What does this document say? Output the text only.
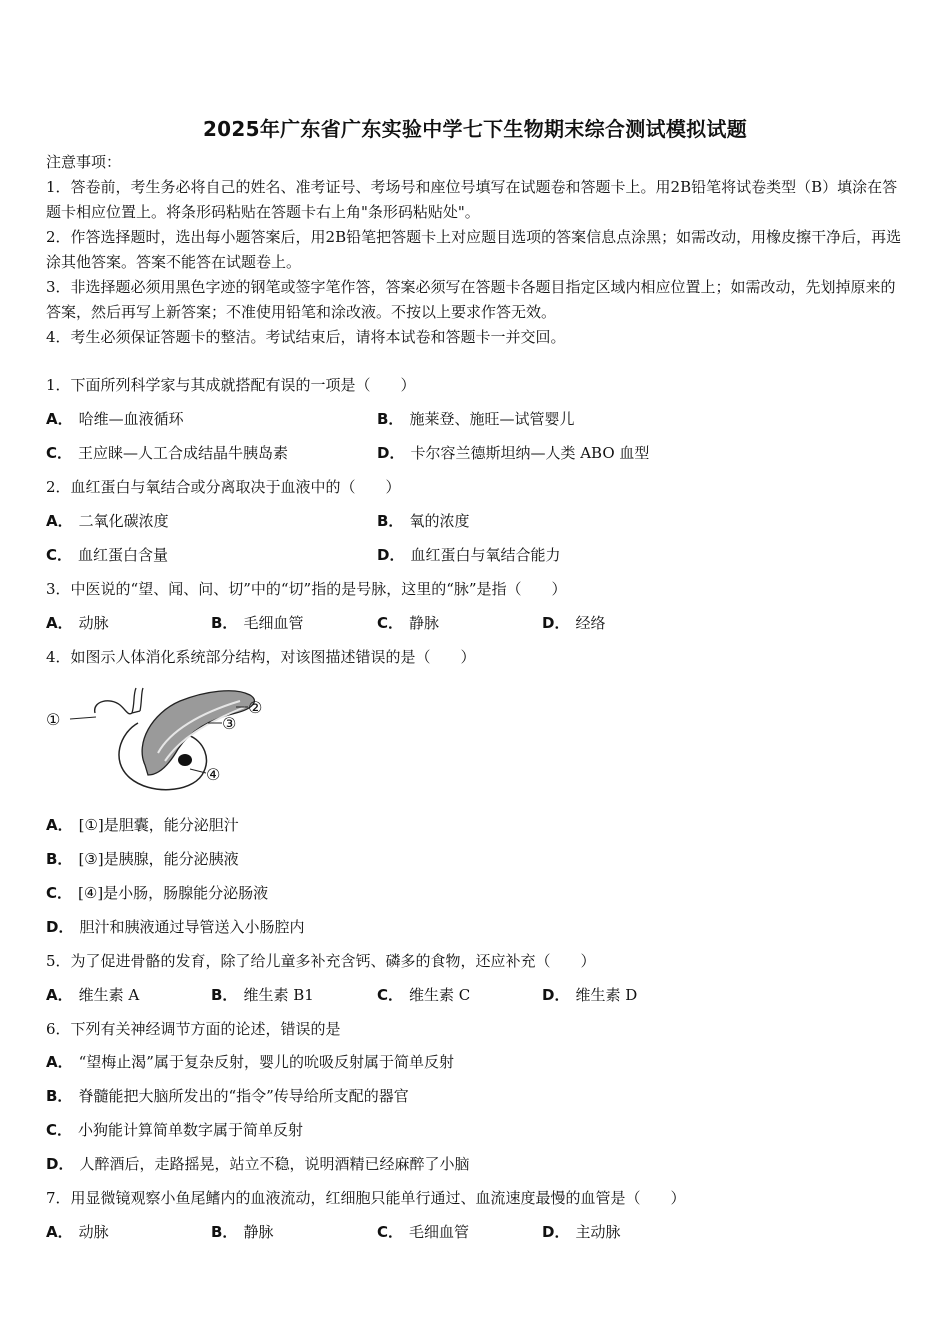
2025年广东省广东实验中学七下生物期末综合测试模拟试题
注意事项：
1．答卷前，考生务必将自己的姓名、准考证号、考场号和座位号填写在试题卷和答题卡上。用2B铅笔将试卷类型（B）填涂在答题卡相应位置上。将条形码粘贴在答题卡右上角"条形码粘贴处"。
2．作答选择题时，选出每小题答案后，用2B铅笔把答题卡上对应题目选项的答案信息点涂黑；如需改动，用橡皮擦干净后，再选涂其他答案。答案不能答在试题卷上。
3．非选择题必须用黑色字迹的钢笔或签字笔作答，答案必须写在答题卡各题目指定区域内相应位置上；如需改动，先划掉原来的答案，然后再写上新答案；不准使用铅笔和涂改液。不按以上要求作答无效。
4．考生必须保证答题卡的整洁。考试结束后，请将本试卷和答题卡一并交回。
1．下面所列科学家与其成就搭配有误的一项是（　　）
A． 哈维—血液循环	B． 施莱登、施旺—试管婴儿
C． 王应睐—人工合成结晶牛胰岛素	D． 卡尔容兰德斯坦纳—人类 ABO 血型
2．血红蛋白与氧结合或分离取决于血液中的（　　）
A． 二氧化碳浓度	B． 氧的浓度
C． 血红蛋白含量	D． 血红蛋白与氧结合能力
3．中医说的“望、闻、问、切”中的“切”指的是号脉，这里的“脉”是指（　　）
A． 动脉	B． 毛细血管	C． 静脉	D． 经络
4．如图示人体消化系统部分结构，对该图描述错误的是（　　）
①
②
③
④
A． [①]是胆囊，能分泌胆汁
B． [③]是胰腺，能分泌胰液
C． [④]是小肠，肠腺能分泌肠液
D． 胆汁和胰液通过导管送入小肠腔内
5．为了促进骨骼的发育，除了给儿童多补充含钙、磷多的食物，还应补充（　　）
A． 维生素 A	B． 维生素 B1	C． 维生素 C	D． 维生素 D
6．下列有关神经调节方面的论述，错误的是
A． “望梅止渴”属于复杂反射，婴儿的吮吸反射属于简单反射
B． 脊髓能把大脑所发出的“指令”传导给所支配的器官
C． 小狗能计算简单数字属于简单反射
D． 人醉酒后，走路摇晃，站立不稳，说明酒精已经麻醉了小脑
7．用显微镜观察小鱼尾鳍内的血液流动，红细胞只能单行通过、血流速度最慢的血管是（　　）
A． 动脉	B． 静脉	C． 毛细血管	D． 主动脉
